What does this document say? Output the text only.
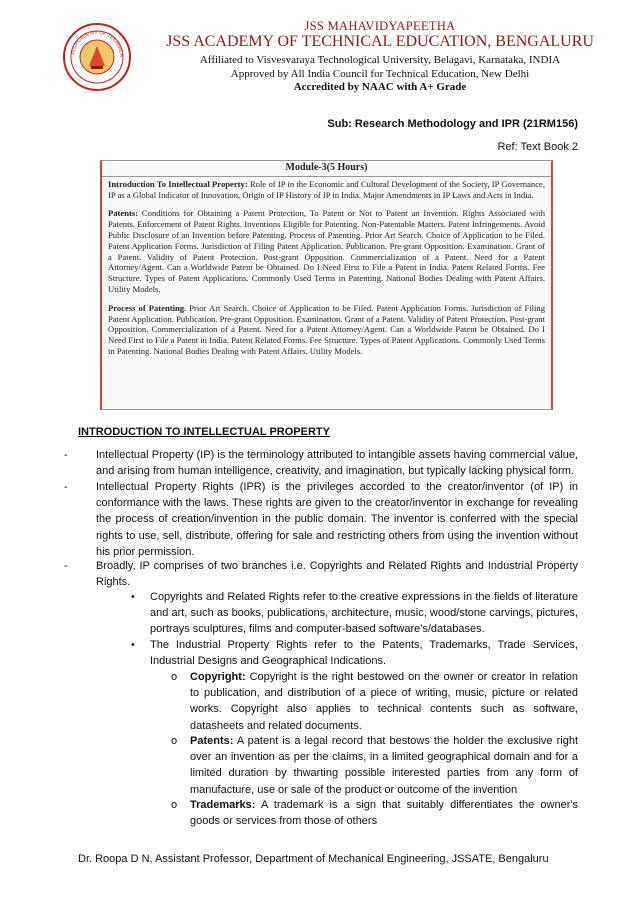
JSS ACADEMY OF TECHNICA
JSS MAHAVIDYAPEETHA
JSS ACADEMY OF TECHNICAL EDUCATION, BENGALURU
Affiliated to Visvesvaraya Technological University, Belagavi, Karnataka, INDIA
Approved by All India Council for Technical Education, New Delhi
Accredited by NAAC with A+ Grade
Sub: Research Methodology and IPR (21RM156)
Ref: Text Book 2
Module-3(5 Hours)

Introduction To Intellectual Property: Role of IP in the Economic and Cultural Development of the Society, IP Governance, IP as a Global Indicator of Innovation, Origin of IP History of IP in India. Major Amendments in IP Laws and Acts in India.

Patents: Conditions for Obtaining a Patent Protection, To Patent or Not to Patent an Invention. Rights Associated with Patents. Enforcement of Patent Rights. Inventions Eligible for Patenting. Non-Patentable Matters. Patent Infringements. Avoid Public Disclosure of an Invention before Patenting. Process of Patenting. Prior Art Search. Choice of Application to be Filed. Patent Application Forms. Jurisdiction of Filing Patent Application. Publication. Pre-grant Opposition. Examination. Grant of a Patent. Validity of Patent Protection. Post-grant Opposition. Commercialization of a Patent. Need for a Patent Attorney/Agent. Can a Worldwide Patent be Obtained. Do I Need First to File a Patent in India. Patent Related Forms. Fee Structure. Types of Patent Applications. Commonly Used Terms in Patenting. National Bodies Dealing with Patent Affairs. Utility Models.

Process of Patenting. Prior Art Search. Choice of Application to be Filed. Patent Application Forms. Jurisdiction of Filing Patent Application. Publication. Pre-grant Opposition. Examination. Grant of a Patent. Validity of Patent Protection. Post-grant Opposition. Commercialization of a Patent. Need for a Patent Attorney/Agent. Can a Worldwide Patent be Obtained. Do I Need First to File a Patent in India. Patent Related Forms. Fee Structure. Types of Patent Applications. Commonly Used Terms in Patenting. National Bodies Dealing with Patent Affairs. Utility Models.

INTRODUCTION TO INTELLECTUAL PROPERTY
-	Intellectual Property (IP) is the terminology attributed to intangible assets having commercial value, and arising from human intelligence, creativity, and imagination, but typically lacking physical form.
-	Intellectual Property Rights (IPR) is the privileges accorded to the creator/inventor (of IP) in conformance with the laws. These rights are given to the creator/inventor in exchange for revealing the process of creation/invention in the public domain. The inventor is conferred with the special rights to use, sell, distribute, offering for sale and restricting others from using the invention without his prior permission.
-	Broadly, IP comprises of two branches i.e. Copyrights and Related Rights and Industrial Property Rights.
• Copyrights and Related Rights refer to the creative expressions in the fields of literature and art, such as books, publications, architecture, music, wood/stone carvings, pictures, portrays sculptures, films and computer-based software's/databases.
• The Industrial Property Rights refer to the Patents, Trademarks, Trade Services, Industrial Designs and Geographical Indications.
o Copyright: Copyright is the right bestowed on the owner or creator in relation to publication, and distribution of a piece of writing, music, picture or related works. Copyright also applies to technical contents such as software, datasheets and related documents.
o Patents: A patent is a legal record that bestows the holder the exclusive right over an invention as per the claims, in a limited geographical domain and for a limited duration by thwarting possible interested parties from any form of manufacture, use or sale of the product or outcome of the invention
o Trademarks: A trademark is a sign that suitably differentiates the owner's goods or services from those of others
Dr. Roopa D N, Assistant Professor, Department of Mechanical Engineering, JSSATE, Bengaluru
